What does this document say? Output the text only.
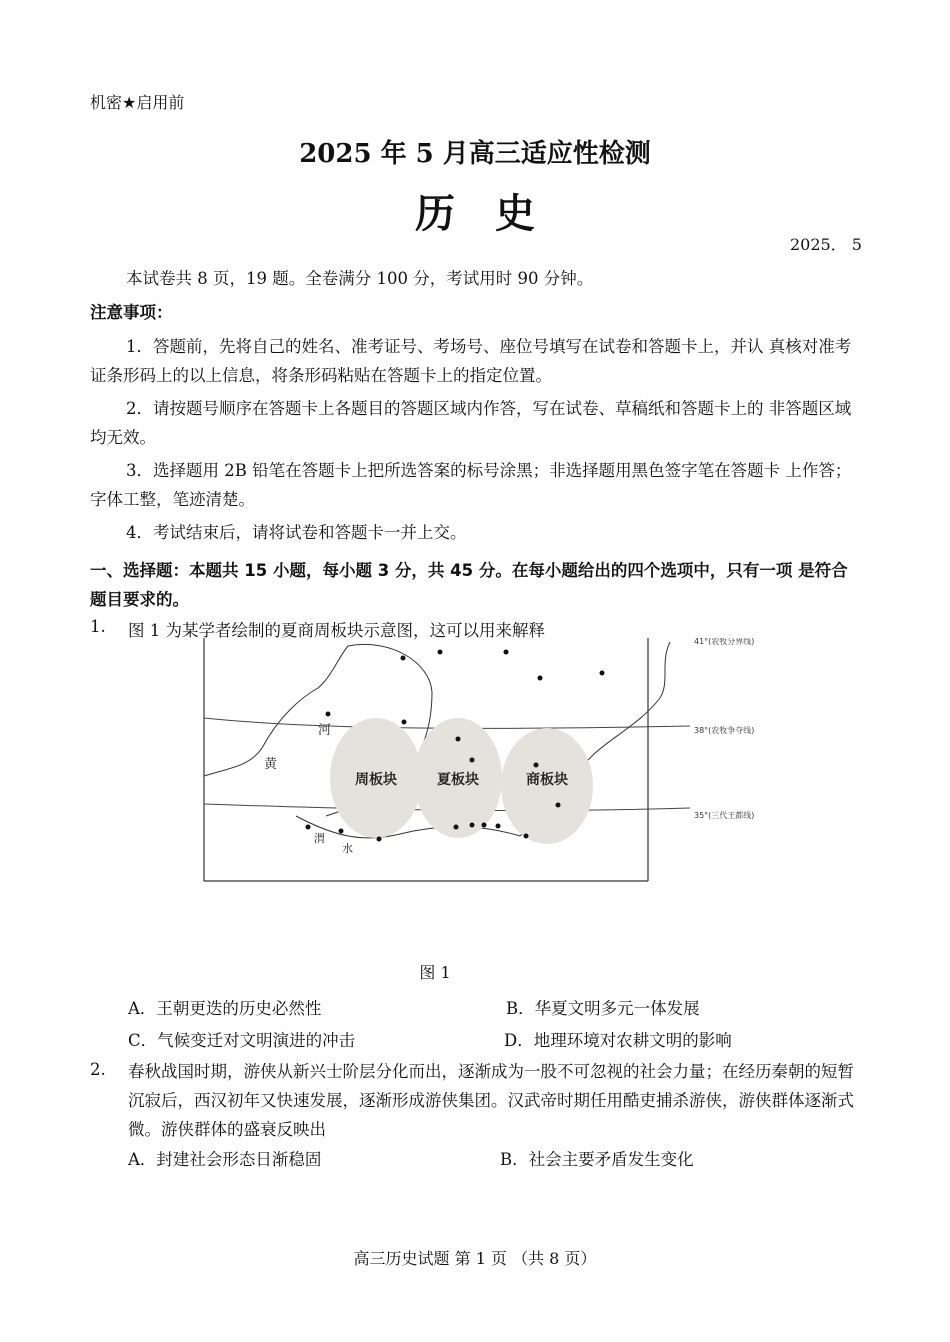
机密★启用前
2025 年 5 月高三适应性检测
历史
2025． 5
本试卷共 8 页，19 题。全卷满分 100 分，考试用时 90 分钟。
注意事项：
1．答题前，先将自己的姓名、准考证号、考场号、座位号填写在试卷和答题卡上，并认 真核对准考证条形码上的以上信息，将条形码粘贴在答题卡上的指定位置。
2．请按题号顺序在答题卡上各题目的答题区域内作答，写在试卷、草稿纸和答题卡上的 非答题区域均无效。
3．选择题用 2B 铅笔在答题卡上把所选答案的标号涂黑；非选择题用黑色签字笔在答题卡 上作答；字体工整，笔迹清楚。
4．考试结束后，请将试卷和答题卡一并上交。
一、选择题：本题共 15 小题，每小题 3 分，共 45 分。在每小题给出的四个选项中，只有一项 是符合题目要求的。
1. 图 1 为某学者绘制的夏商周板块示意图，这可以用来解释
周板块	夏板块	商板块
河
黄
渭
水
41°(农牧分界线)
38°(农牧争夺线)
35°(三代王都线)
图 1
A．王朝更迭的历史必然性	B．华夏文明多元一体发展
C．气候变迁对文明演进的冲击	D．地理环境对农耕文明的影响
2. 春秋战国时期，游侠从新兴士阶层分化而出，逐渐成为一股不可忽视的社会力量；在经历秦朝的短暂沉寂后，西汉初年又快速发展，逐渐形成游侠集团。汉武帝时期任用酷吏捕杀游侠，游侠群体逐渐式微。游侠群体的盛衰反映出
A．封建社会形态日渐稳固	B．社会主要矛盾发生变化
高三历史试题 第 1 页 （共 8 页）
